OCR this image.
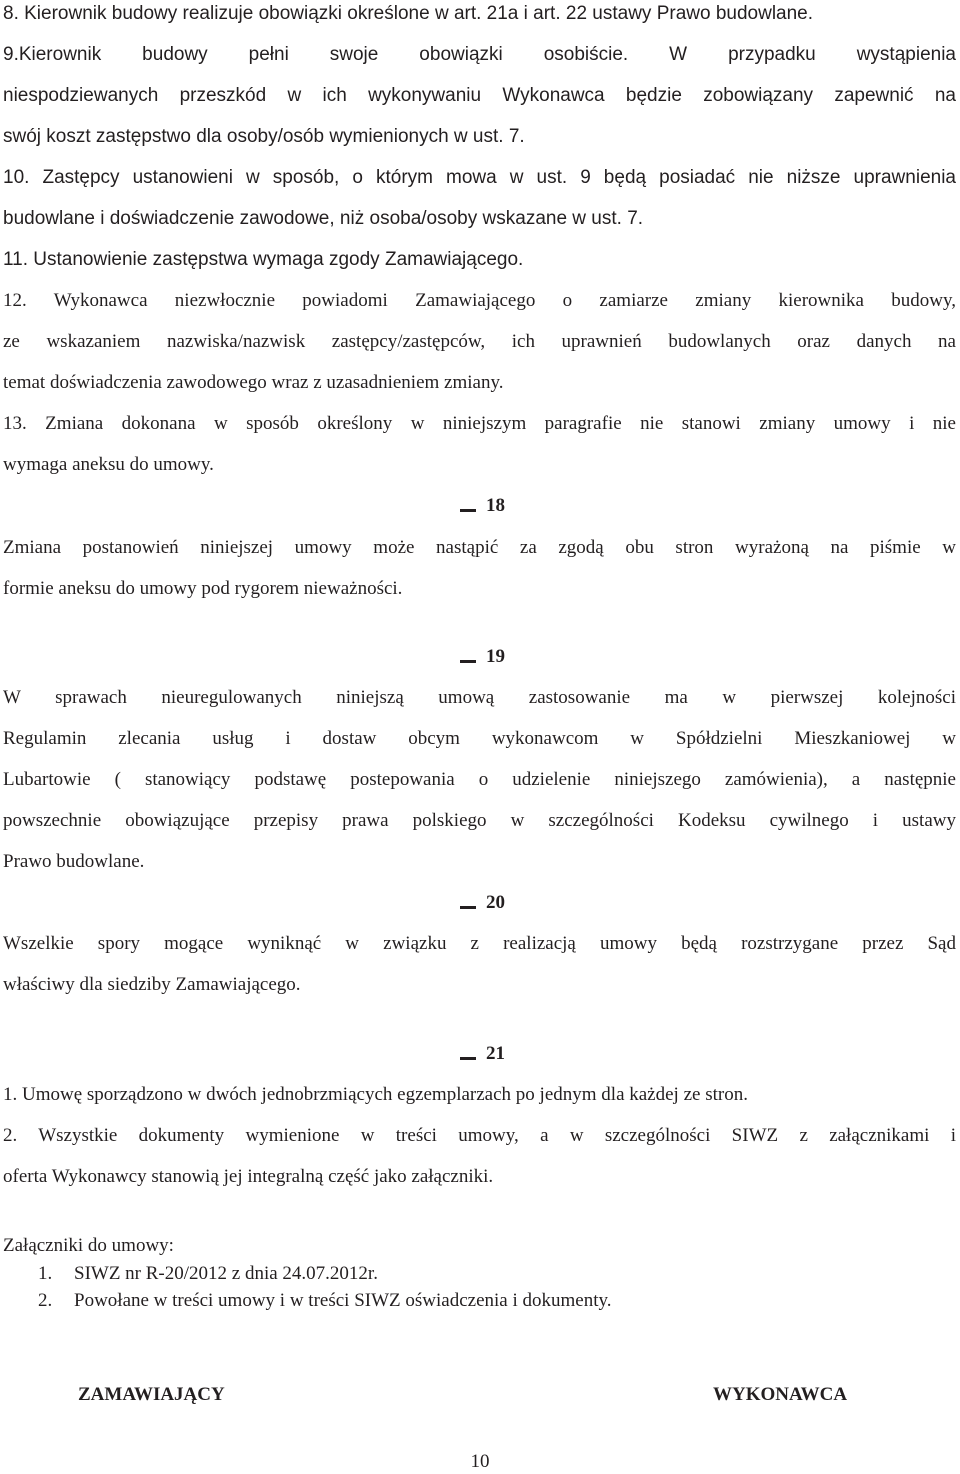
8. Kierownik budowy realizuje obowiązki określone w art. 21a i art. 22 ustawy Prawo budowlane.
9.Kierownik budowy pełni swoje obowiązki osobiście. W przypadku wystąpienia
niespodziewanych przeszkód w ich wykonywaniu Wykonawca będzie zobowiązany zapewnić na
swój koszt zastępstwo dla osoby/osób wymienionych w ust. 7.
10. Zastępcy ustanowieni w sposób, o którym mowa w ust. 9 będą posiadać nie niższe uprawnienia
budowlane i doświadczenie zawodowe, niż osoba/osoby wskazane w ust. 7.
11. Ustanowienie zastępstwa wymaga zgody Zamawiającego.
12. Wykonawca niezwłocznie powiadomi Zamawiającego o zamiarze zmiany kierownika budowy,
ze wskazaniem nazwiska/nazwisk zastępcy/zastępców, ich uprawnień budowlanych oraz danych na
temat doświadczenia zawodowego wraz z uzasadnieniem zmiany.
13. Zmiana dokonana w sposób określony w niniejszym paragrafie nie stanowi zmiany umowy i nie
wymaga aneksu do umowy.
18
Zmiana postanowień niniejszej umowy może nastąpić za zgodą obu stron wyrażoną na piśmie w
formie aneksu do umowy pod rygorem nieważności.
19
W sprawach nieuregulowanych niniejszą umową zastosowanie ma w pierwszej kolejności
Regulamin zlecania usług i dostaw obcym wykonawcom w Spółdzielni Mieszkaniowej w
Lubartowie ( stanowiący podstawę postepowania o udzielenie niniejszego zamówienia), a następnie
powszechnie obowiązujące przepisy prawa polskiego w szczególności Kodeksu cywilnego i ustawy
Prawo budowlane.
20
Wszelkie spory mogące wyniknąć w związku z realizacją umowy będą rozstrzygane przez Sąd
właściwy dla siedziby Zamawiającego.
21
1. Umowę sporządzono w dwóch jednobrzmiących egzemplarzach po jednym dla każdej ze stron.
2. Wszystkie dokumenty wymienione w treści umowy, a w szczególności SIWZ z załącznikami i
oferta Wykonawcy stanowią jej integralną część jako załączniki.
Załączniki do umowy:
1. SIWZ nr R-20/2012 z dnia 24.07.2012r.
2. Powołane w treści umowy i w treści SIWZ oświadczenia i dokumenty.
ZAMAWIAJĄCY	WYKONAWCA
10
